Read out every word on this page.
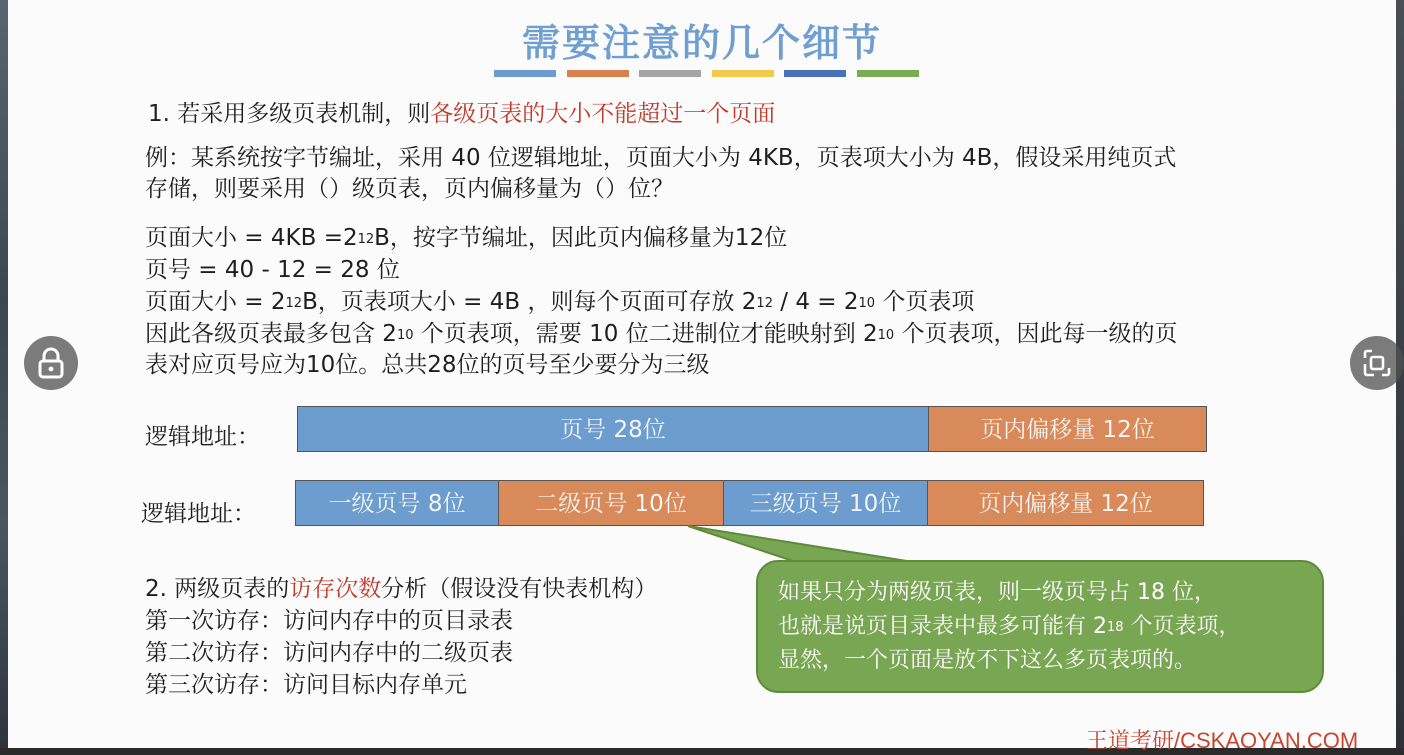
需要注意的几个细节
1. 若采用多级页表机制，则各级页表的大小不能超过一个页面
例：某系统按字节编址，采用 40 位逻辑地址，页面大小为 4KB，页表项大小为 4B，假设采用纯页式
存储，则要采用（）级页表，页内偏移量为（）位？
页面大小 = $4KB =2^{12}B$，按字节编址，因此页内偏移量为12位
页号 = 40 - 12 = 28 位
页面大小 = $2^{12}B$，页表项大小 = 4B ，则每个页面可存放 $2^{12} / 4 = 2^{10}$ 个页表项
因此各级页表最多包含 $2^{10}$ 个页表项，需要 10 位二进制位才能映射到 $2^{10}$ 个页表项，因此每一级的页
表对应页号应为10位。总共28位的页号至少要分为三级
逻辑地址：	页号 28位	页内偏移量 12位
逻辑地址：	一级页号 8位	二级页号 10位	三级页号 10位	页内偏移量 12位
2. 两级页表的访存次数分析（假设没有快表机构）
第一次访存：访问内存中的页目录表
第二次访存：访问内存中的二级页表
第三次访存：访问目标内存单元
如果只分为两级页表，则一级页号占 18 位，
也就是说页目录表中最多可能有 $2^{18}$ 个页表项，
显然，一个页面是放不下这么多页表项的。
王道考研/CSKAOYAN.COM
